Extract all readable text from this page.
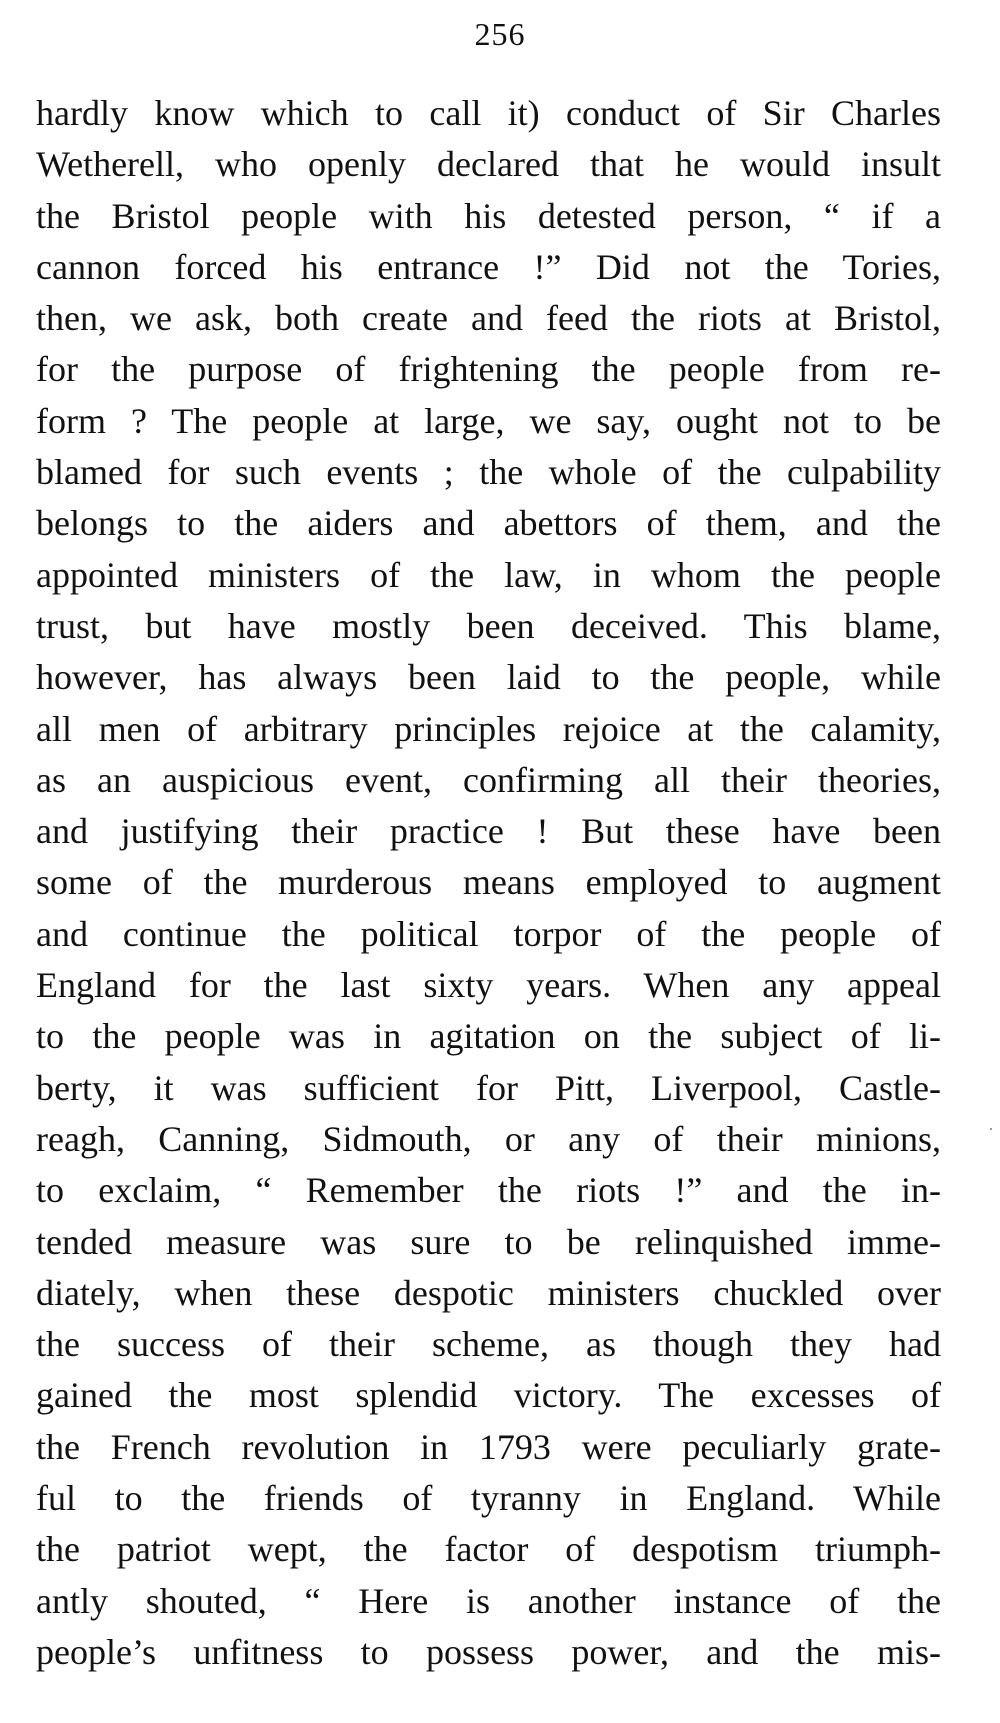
256
hardly know which to call it) conduct of Sir Charles
Wetherell, who openly declared that he would insult
the Bristol people with his detested person, “ if a
cannon forced his entrance !” Did not the Tories,
then, we ask, both create and feed the riots at Bristol,
for the purpose of frightening the people from re-
form ? The people at large, we say, ought not to be
blamed for such events ; the whole of the culpability
belongs to the aiders and abettors of them, and the
appointed ministers of the law, in whom the people
trust, but have mostly been deceived. This blame,
however, has always been laid to the people, while
all men of arbitrary principles rejoice at the calamity,
as an auspicious event, confirming all their theories,
and justifying their practice ! But these have been
some of the murderous means employed to augment
and continue the political torpor of the people of
England for the last sixty years. When any appeal
to the people was in agitation on the subject of li-
berty, it was sufficient for Pitt, Liverpool, Castle-
reagh, Canning, Sidmouth, or any of their minions,
to exclaim, “ Remember the riots !” and the in-
tended measure was sure to be relinquished imme-
diately, when these despotic ministers chuckled over
the success of their scheme, as though they had
gained the most splendid victory. The excesses of
the French revolution in 1793 were peculiarly grate-
ful to the friends of tyranny in England. While
the patriot wept, the factor of despotism triumph-
antly shouted, “ Here is another instance of the
people’s unfitness to possess power, and the mis-
